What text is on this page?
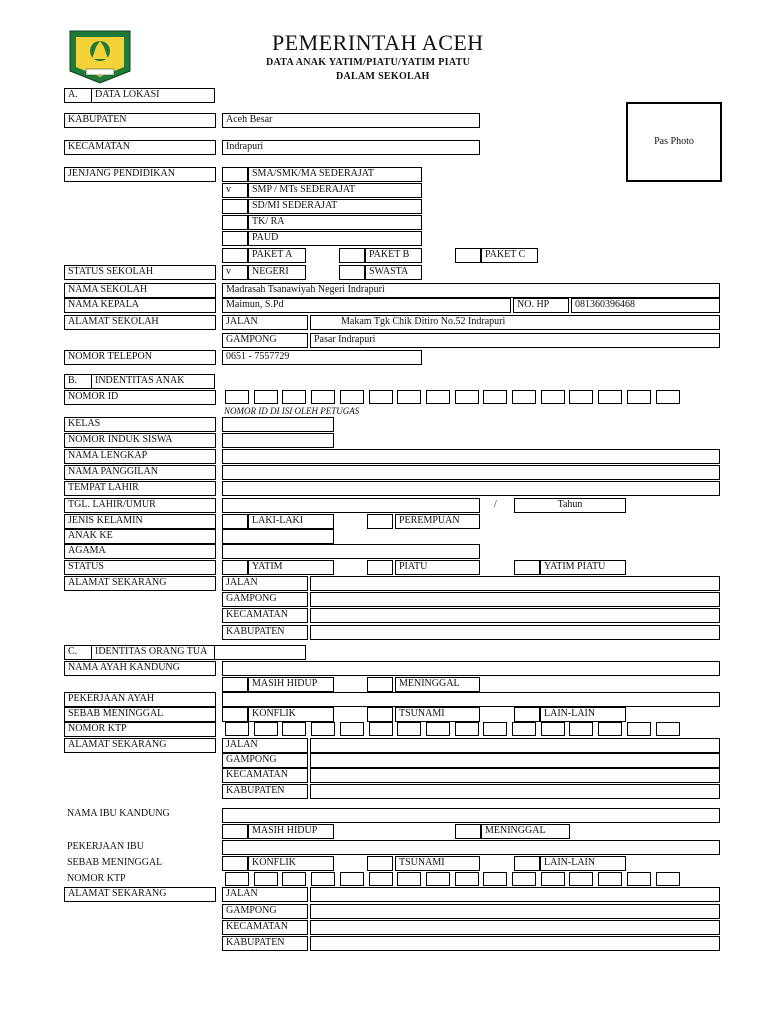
PEMERINTAH ACEH
DATA ANAK YATIM/PIATU/YATIM PIATU
DALAM SEKOLAH
Pas Photo
A.	DATA LOKASI
KABUPATEN	Aceh Besar
KECAMATAN	Indrapuri
JENJANG PENDIDIKAN	SMA/SMK/MA SEDERAJAT
v	SMP / MTs SEDERAJAT
SD/MI SEDERAJAT
TK/ RA
PAUD
PAKET A	PAKET B	PAKET C
STATUS SEKOLAH	v	NEGERI	SWASTA
NAMA SEKOLAH	Madrasah Tsanawiyah Negeri Indrapuri
NAMA KEPALA	Maimun, S.Pd	NO. HP	081360396468
ALAMAT SEKOLAH	JALAN	Makam Tgk Chik Ditiro No.52 Indrapuri
GAMPONG	Pasar Indrapuri
NOMOR TELEPON	0651 - 7557729
B.	INDENTITAS ANAK
NOMOR ID
NOMOR ID DI ISI OLEH PETUGAS
KELAS
NOMOR INDUK SISWA
NAMA LENGKAP
NAMA PANGGILAN
TEMPAT LAHIR
TGL. LAHIR/UMUR	/	Tahun
JENIS KELAMIN	LAKI-LAKI	PEREMPUAN
ANAK KE
AGAMA
STATUS	YATIM	PIATU	YATIM PIATU
ALAMAT SEKARANG	JALAN
GAMPONG
KECAMATAN
KABUPATEN
C.	IDENTITAS ORANG TUA
NAMA AYAH KANDUNG
MASIH HIDUP	MENINGGAL
PEKERJAAN AYAH
SEBAB MENINGGAL	KONFLIK	TSUNAMI	LAIN-LAIN
NOMOR KTP
ALAMAT SEKARANG	JALAN
GAMPONG
KECAMATAN
KABUPATEN
NAMA IBU KANDUNG
MASIH HIDUP	MENINGGAL
PEKERJAAN IBU
SEBAB MENINGGAL	KONFLIK	TSUNAMI	LAIN-LAIN
NOMOR KTP
ALAMAT SEKARANG	JALAN
GAMPONG
KECAMATAN
KABUPATEN
